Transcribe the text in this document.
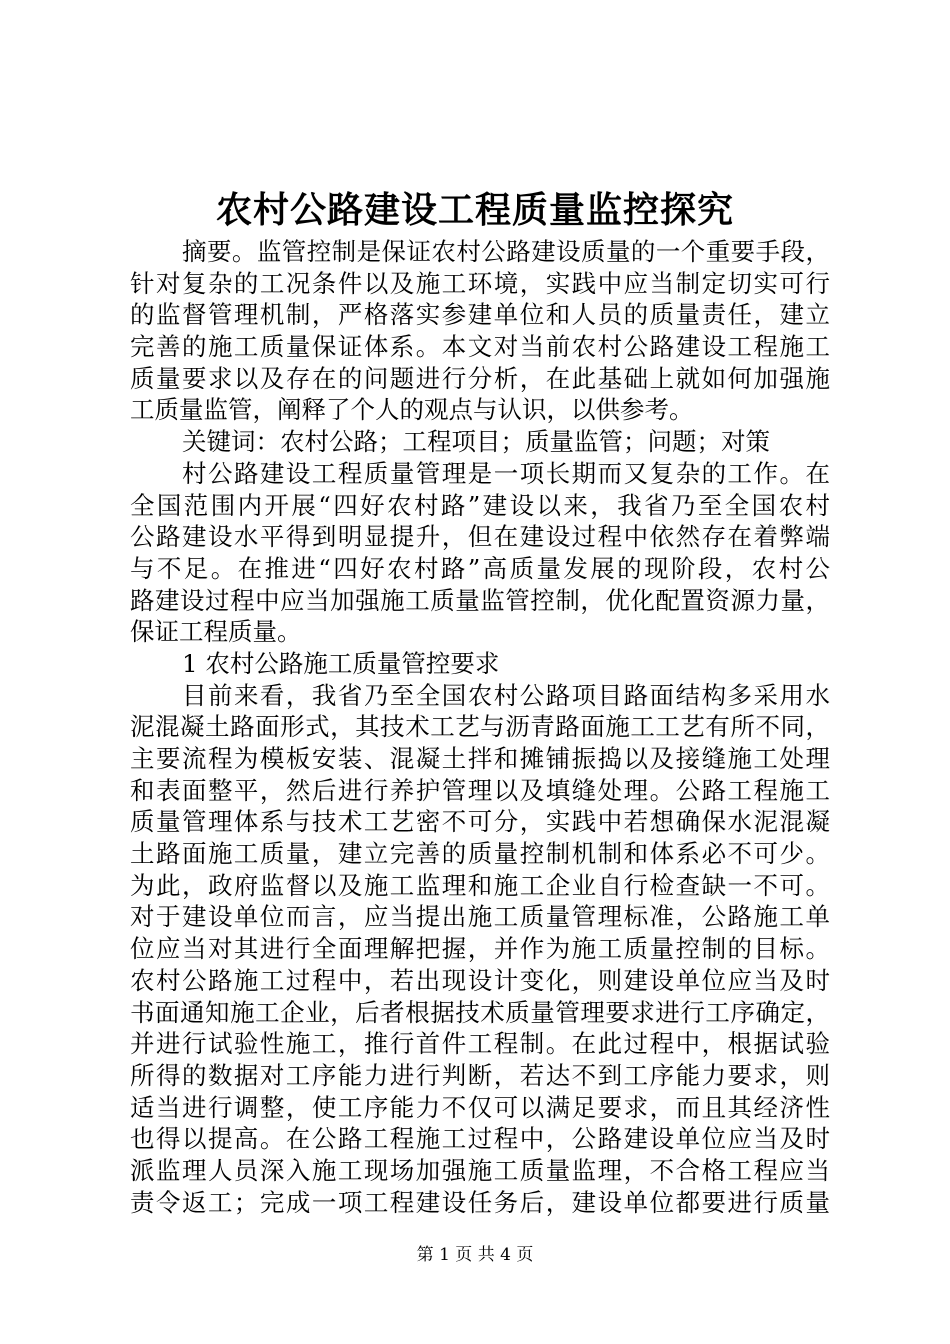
农村公路建设工程质量监控探究
摘要。监管控制是保证农村公路建设质量的一个重要手段，
针对复杂的工况条件以及施工环境，实践中应当制定切实可行
的监督管理机制，严格落实参建单位和人员的质量责任，建立
完善的施工质量保证体系。本文对当前农村公路建设工程施工
质量要求以及存在的问题进行分析，在此基础上就如何加强施
工质量监管，阐释了个人的观点与认识，以供参考。
关键词：农村公路；工程项目；质量监管；问题；对策
村公路建设工程质量管理是一项长期而又复杂的工作。在
全国范围内开展“四好农村路”建设以来，我省乃至全国农村
公路建设水平得到明显提升，但在建设过程中依然存在着弊端
与不足。在推进“四好农村路”高质量发展的现阶段，农村公
路建设过程中应当加强施工质量监管控制，优化配置资源力量，
保证工程质量。
1 农村公路施工质量管控要求
目前来看，我省乃至全国农村公路项目路面结构多采用水
泥混凝土路面形式，其技术工艺与沥青路面施工工艺有所不同，
主要流程为模板安装、混凝土拌和摊铺振捣以及接缝施工处理
和表面整平，然后进行养护管理以及填缝处理。公路工程施工
质量管理体系与技术工艺密不可分，实践中若想确保水泥混凝
土路面施工质量，建立完善的质量控制机制和体系必不可少。
为此，政府监督以及施工监理和施工企业自行检查缺一不可。
对于建设单位而言，应当提出施工质量管理标准，公路施工单
位应当对其进行全面理解把握，并作为施工质量控制的目标。
农村公路施工过程中，若出现设计变化，则建设单位应当及时
书面通知施工企业，后者根据技术质量管理要求进行工序确定，
并进行试验性施工，推行首件工程制。在此过程中，根据试验
所得的数据对工序能力进行判断，若达不到工序能力要求，则
适当进行调整，使工序能力不仅可以满足要求，而且其经济性
也得以提高。在公路工程施工过程中，公路建设单位应当及时
派监理人员深入施工现场加强施工质量监理，不合格工程应当
责令返工；完成一项工程建设任务后，建设单位都要进行质量
第 1 页 共 4 页
